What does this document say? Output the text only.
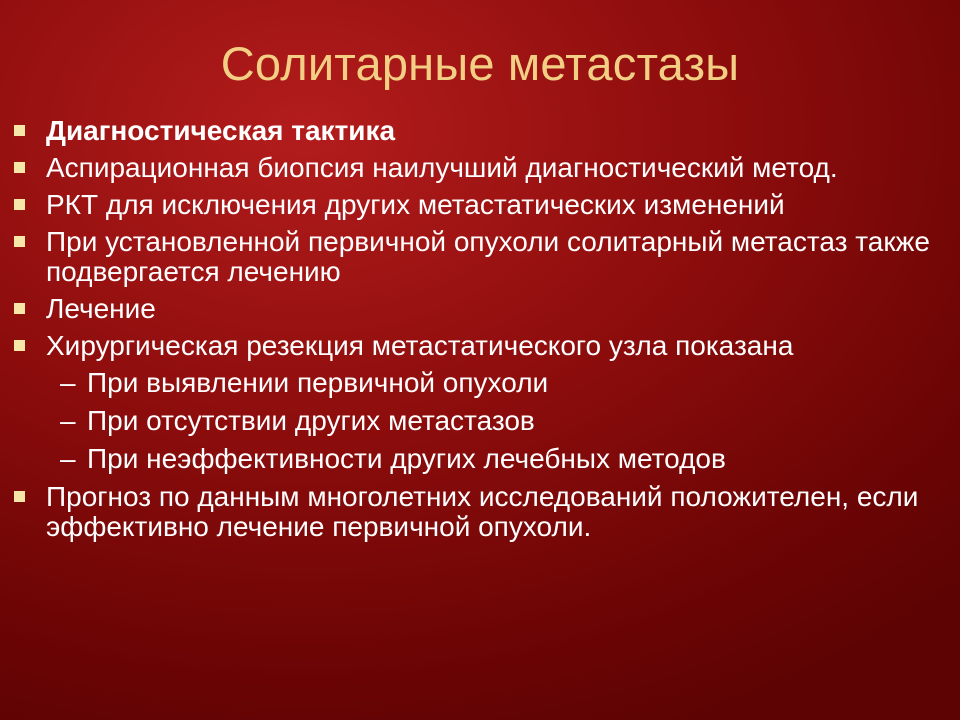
Солитарные метастазы
Диагностическая тактика
Аспирационная биопсия наилучший диагностический метод.
РКТ для исключения других метастатических изменений
При установленной первичной опухоли солитарный метастаз также подвергается лечению
Лечение
Хирургическая резекция метастатического узла показана
– При выявлении первичной опухоли
– При отсутствии других метастазов
– При неэффективности других лечебных методов
Прогноз по данным многолетних исследований положителен, если эффективно лечение первичной опухоли.
